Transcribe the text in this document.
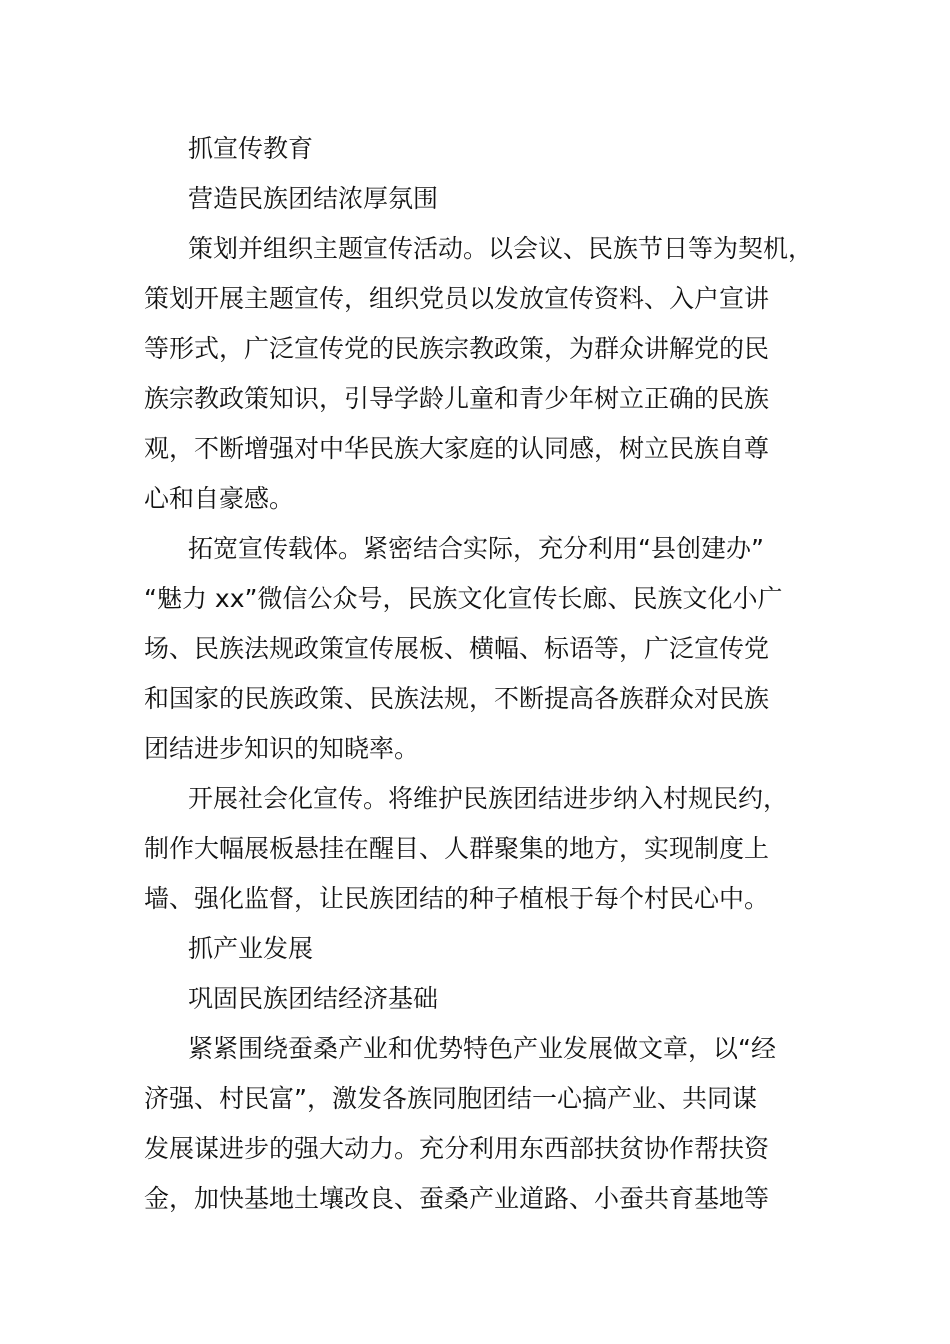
抓宣传教育
营造民族团结浓厚氛围
策划并组织主题宣传活动。以会议、民族节日等为契机，
策划开展主题宣传，组织党员以发放宣传资料、入户宣讲
等形式，广泛宣传党的民族宗教政策，为群众讲解党的民
族宗教政策知识，引导学龄儿童和青少年树立正确的民族
观，不断增强对中华民族大家庭的认同感，树立民族自尊
心和自豪感。
拓宽宣传载体。紧密结合实际，充分利用“县创建办”
“魅力 xx”微信公众号，民族文化宣传长廊、民族文化小广
场、民族法规政策宣传展板、横幅、标语等，广泛宣传党
和国家的民族政策、民族法规，不断提高各族群众对民族
团结进步知识的知晓率。
开展社会化宣传。将维护民族团结进步纳入村规民约，
制作大幅展板悬挂在醒目、人群聚集的地方，实现制度上
墙、强化监督，让民族团结的种子植根于每个村民心中。
抓产业发展
巩固民族团结经济基础
紧紧围绕蚕桑产业和优势特色产业发展做文章，以“经
济强、村民富”，激发各族同胞团结一心搞产业、共同谋
发展谋进步的强大动力。充分利用东西部扶贫协作帮扶资
金，加快基地土壤改良、蚕桑产业道路、小蚕共育基地等
